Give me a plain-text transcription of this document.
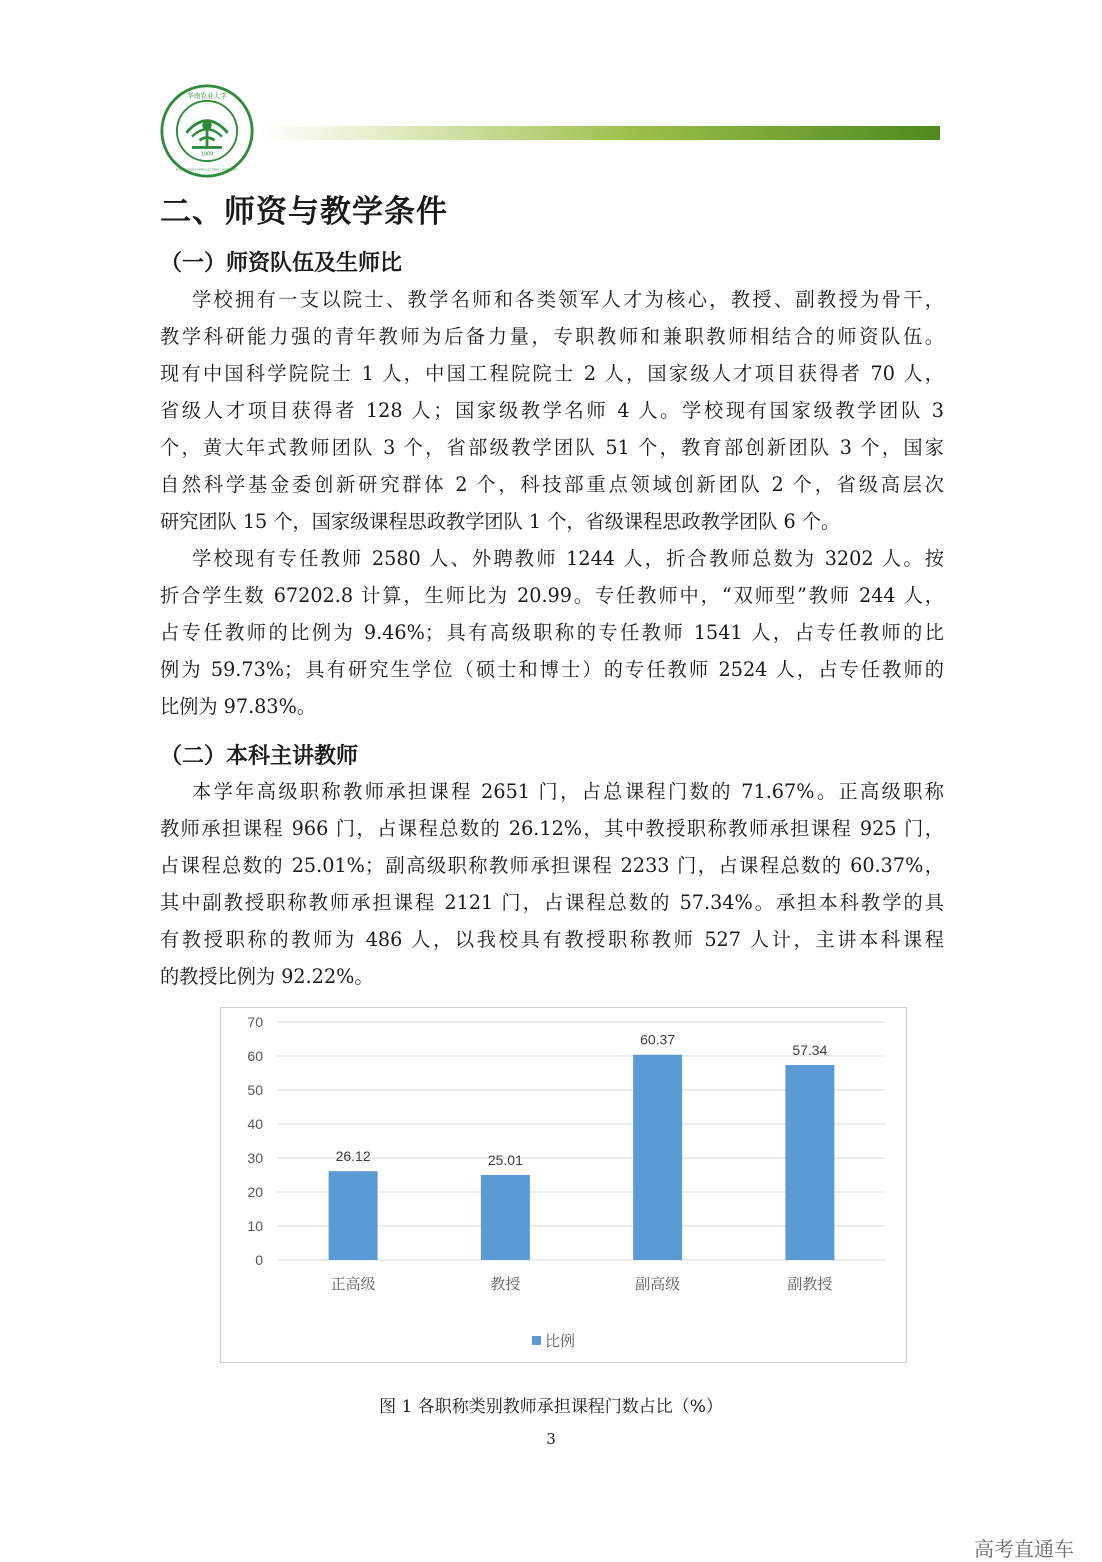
1909
华南农业大学
SOUTH CHINA AGRICULTURAL UNIVERSITY
二、师资与教学条件
（一）师资队伍及生师比

学校拥有一支以院士、教学名师和各类领军人才为核心，教授、副教授为骨干，

教学科研能力强的青年教师为后备力量，专职教师和兼职教师相结合的师资队伍。

现有中国科学院院士 1 人，中国工程院院士 2 人，国家级人才项目获得者 70 人，

省级人才项目获得者 128 人；国家级教学名师 4 人。学校现有国家级教学团队 3

个，黄大年式教师团队 3 个，省部级教学团队 51 个，教育部创新团队 3 个，国家

自然科学基金委创新研究群体 2 个，科技部重点领域创新团队 2 个，省级高层次

研究团队 15 个，国家级课程思政教学团队 1 个，省级课程思政教学团队 6 个。

学校现有专任教师 2580 人、外聘教师 1244 人，折合教师总数为 3202 人。按

折合学生数 67202.8 计算，生师比为 20.99。专任教师中，“双师型”教师 244 人，

占专任教师的比例为 9.46%；具有高级职称的专任教师 1541 人，占专任教师的比

例为 59.73%；具有研究生学位（硕士和博士）的专任教师 2524 人，占专任教师的

比例为 97.83%。

（二）本科主讲教师

本学年高级职称教师承担课程 2651 门，占总课程门数的 71.67%。正高级职称

教师承担课程 966 门，占课程总数的 26.12%，其中教授职称教师承担课程 925 门，

占课程总数的 25.01%；副高级职称教师承担课程 2233 门，占课程总数的 60.37%，

其中副教授职称教师承担课程 2121 门，占课程总数的 57.34%。承担本科教学的具

有教授职称的教师为 486 人，以我校具有教授职称教师 527 人计，主讲本科课程

的教授比例为 92.22%。

0
10
20
30
40
50
60
70
26.12
正高级
25.01
教授
60.37
副高级
57.34
副教授
比例

图 1 各职称类别教师承担课程门数占比（%）

3

高考直通车
